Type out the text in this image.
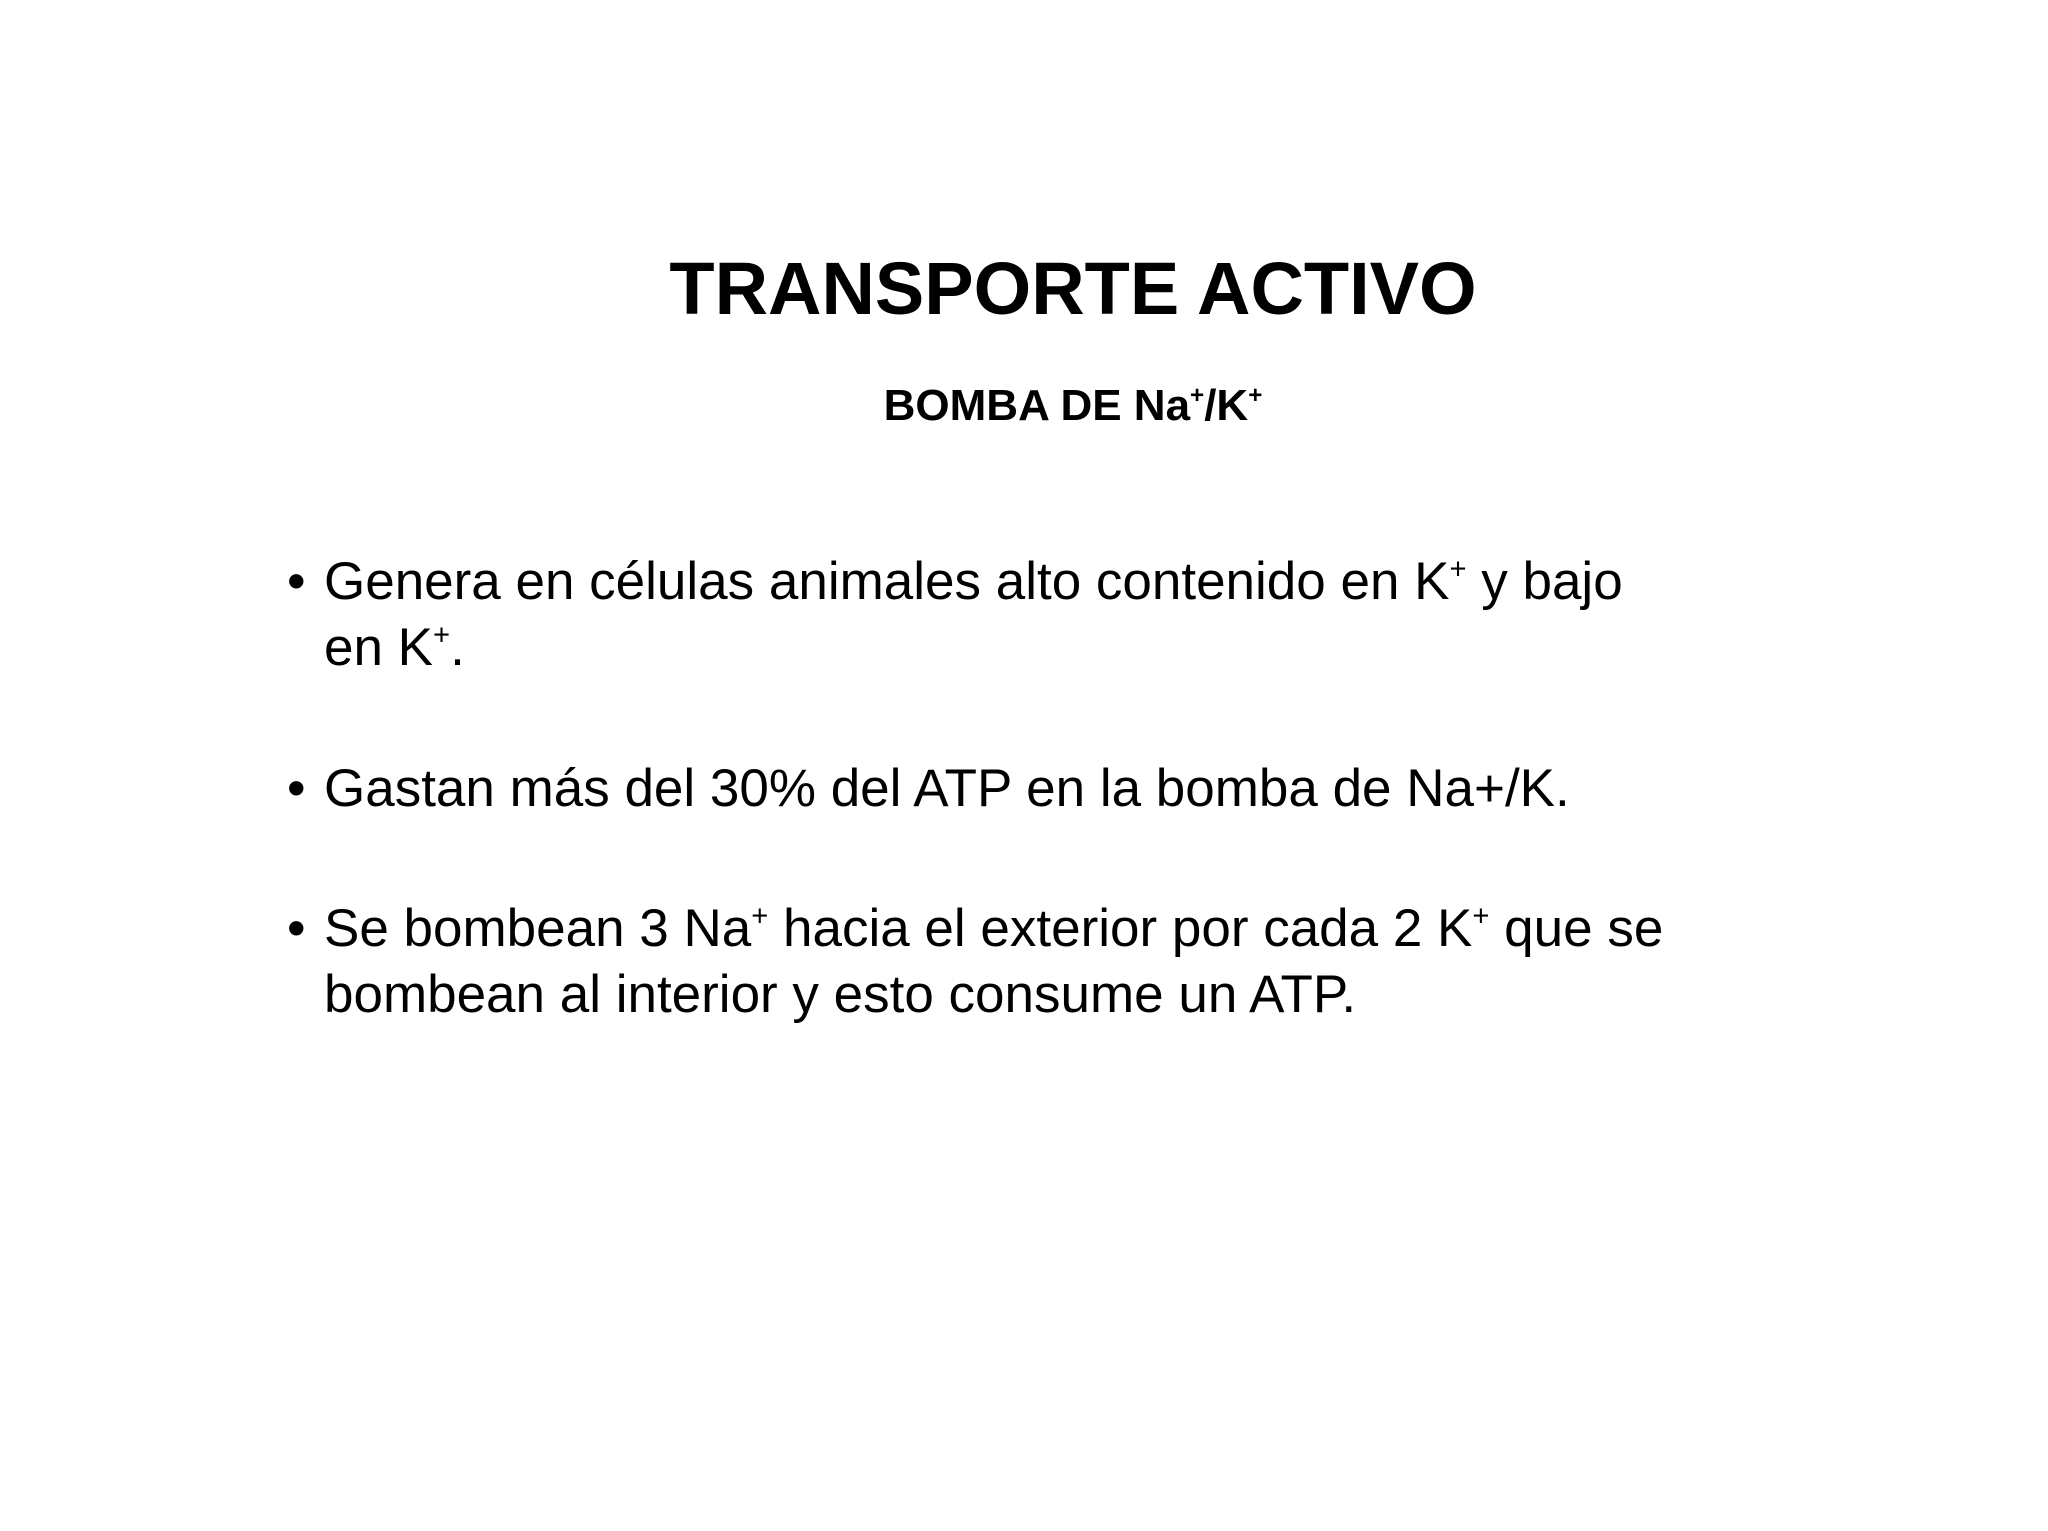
TRANSPORTE ACTIVO
BOMBA DE Na+/K+
• Genera en células animales alto contenido en K+ y bajo
en K+.
• Gastan más del 30% del ATP en la bomba de Na+/K.
• Se bombean 3 Na+ hacia el exterior por cada 2 K+ que se
bombean al interior y esto consume un ATP.
